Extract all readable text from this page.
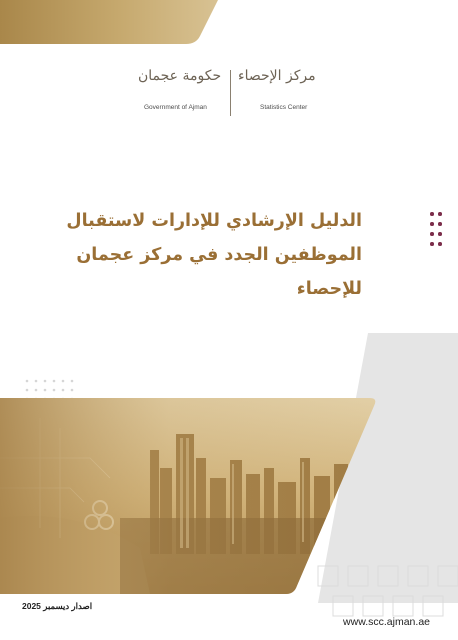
حكومة عجمان
Government of Ajman
مركز الإحصاء
Statistics Center
الدليل الإرشادي للإدارات لاستقبال
الموظفين الجدد في مركز عجمان للإحصاء
اصدار ديسمبر 2025
www.scc.ajman.ae
